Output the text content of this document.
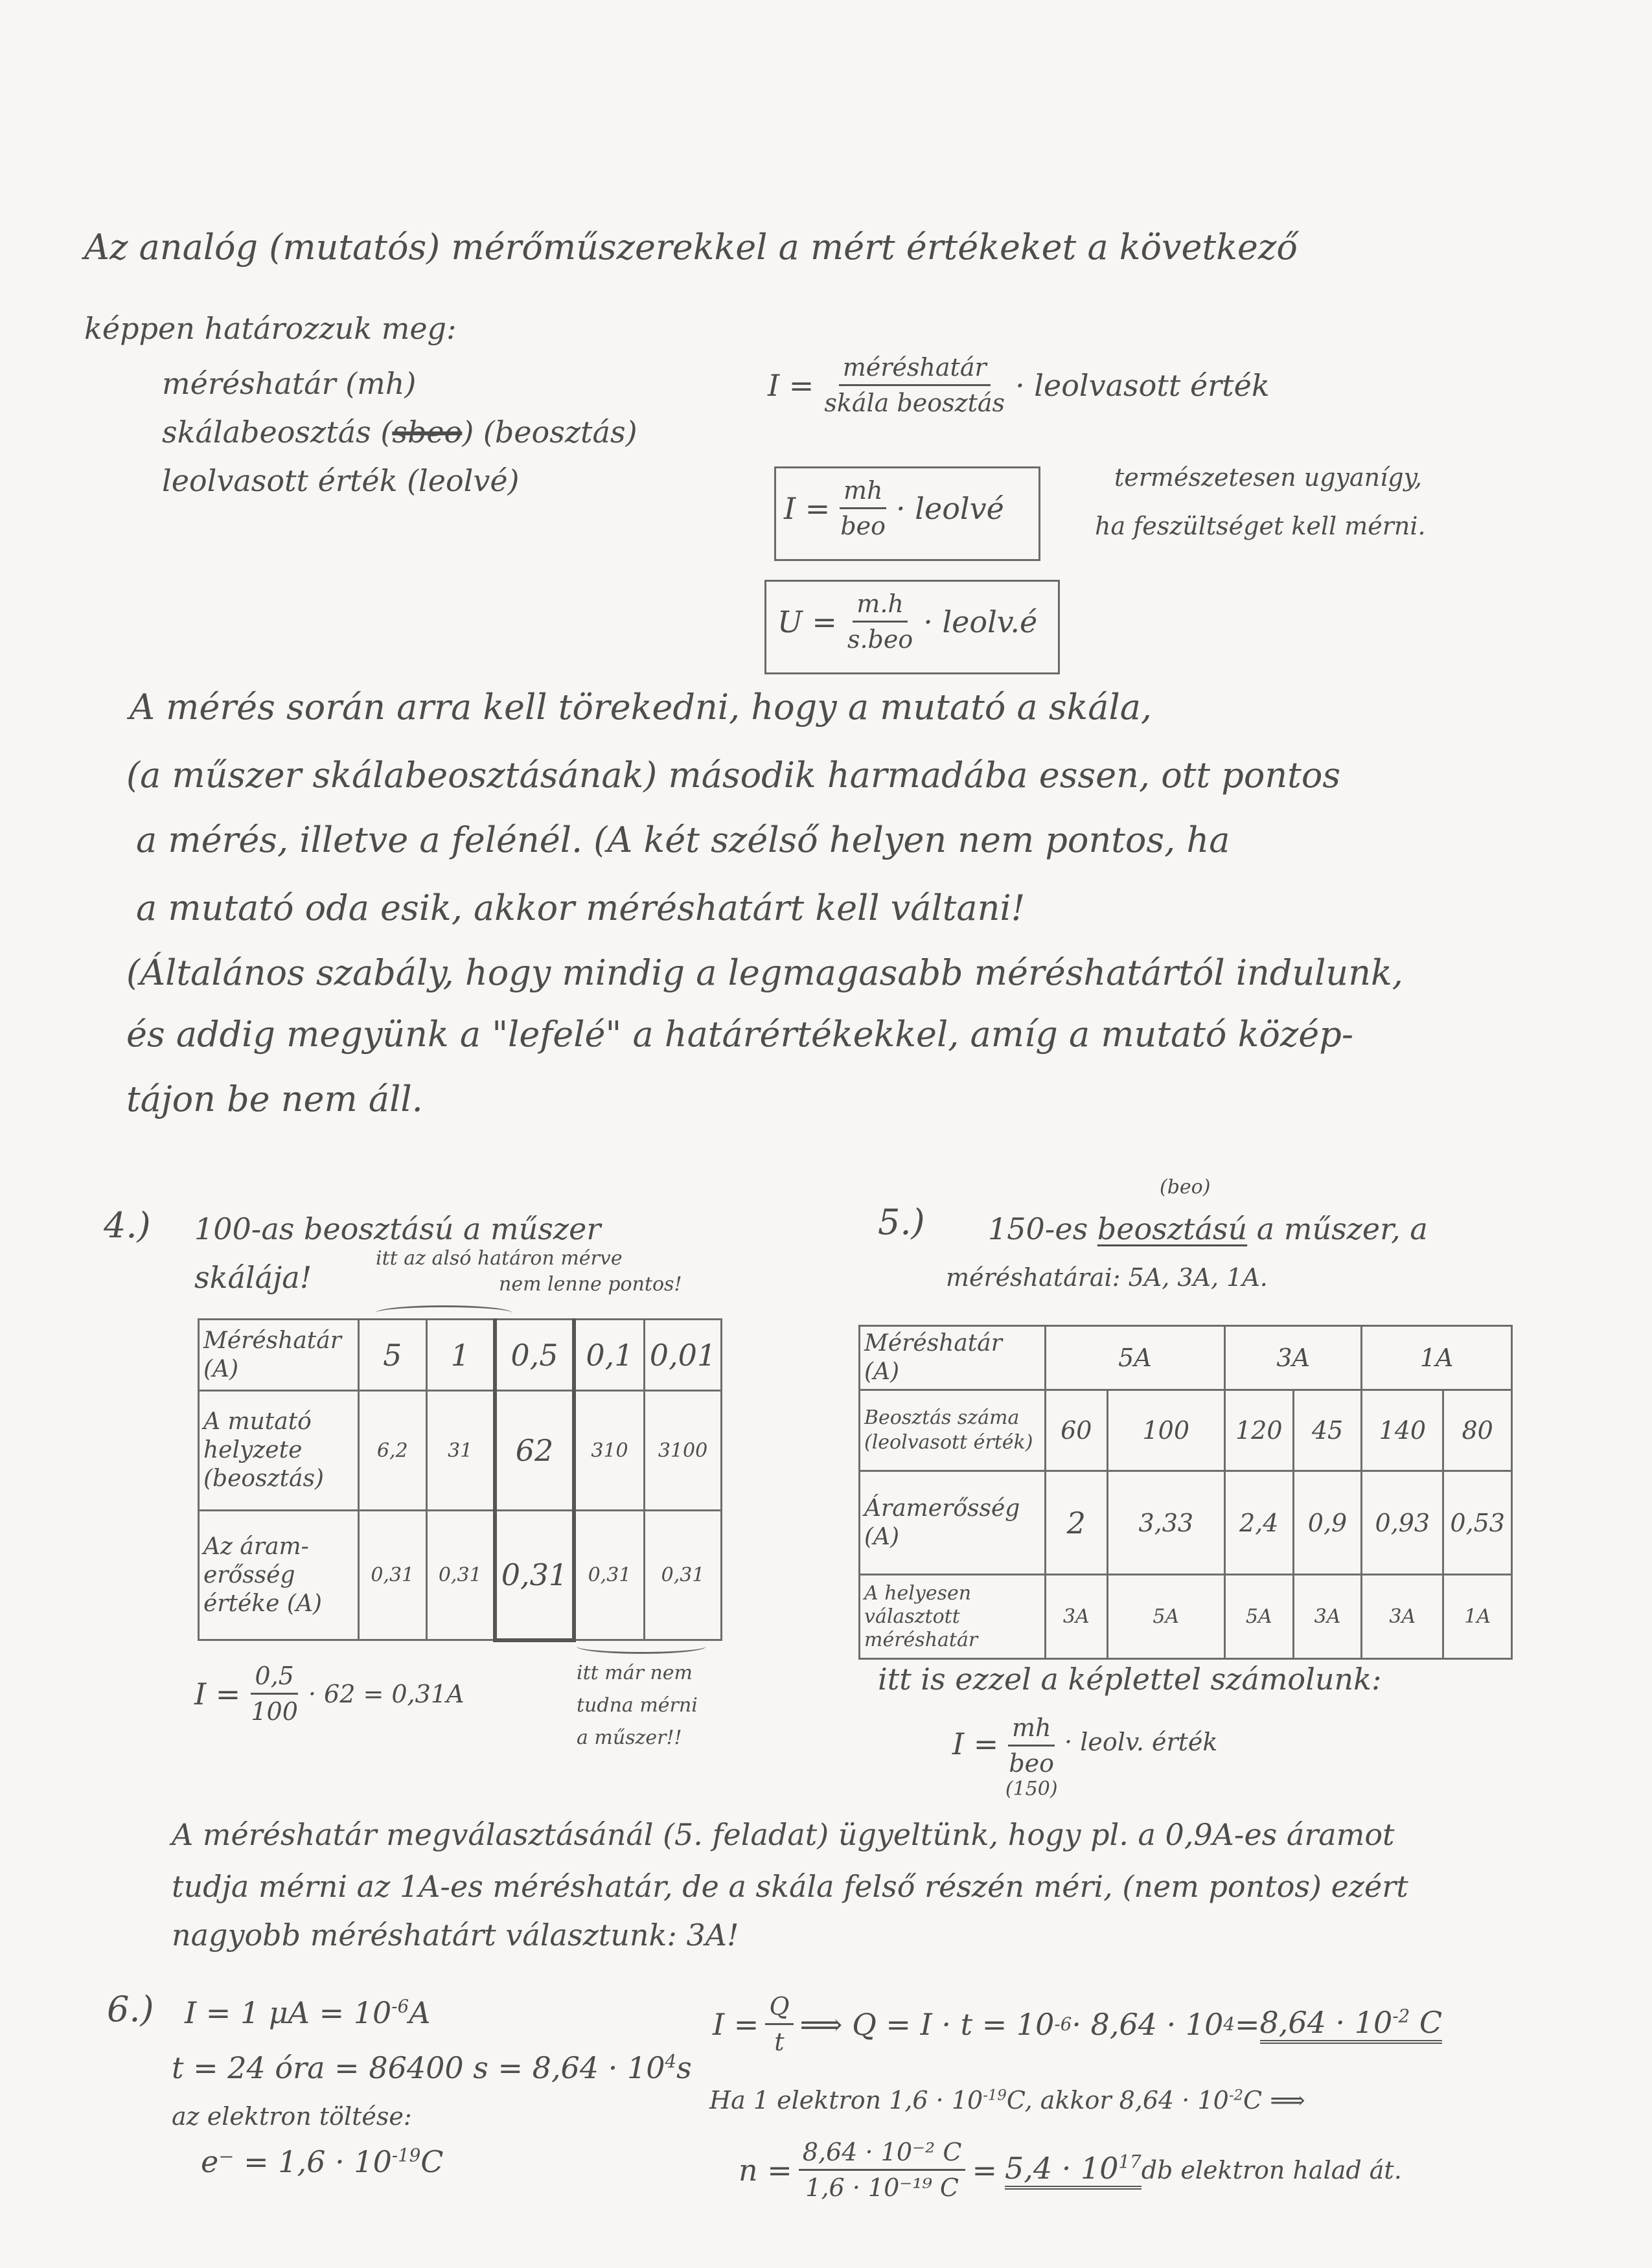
Az analóg (mutatós) mérőműszerekkel a mért értékeket a következő
képpen határozzuk meg:
méréshatár (mh)
skálabeosztás (sbeo) (beosztás)
leolvasott érték (leolvé)
$I = \frac{\text{méréshatár}}{\text{skála beosztás}}$ · leolvasott érték
$I = \frac{mh}{\text{beo}}$ · leolvé
$U = \frac{m.h}{\text{s.beo}}$ · leolv.é
természetesen ugyanígy,
ha feszültséget kell mérni.
A mérés során arra kell törekedni, hogy a mutató a skála,
(a műszer skálabeosztásának) második harmadába essen, ott pontos
a mérés, illetve a felénél. (A két szélső helyen nem pontos, ha
a mutató oda esik, akkor méréshatárt kell váltani!
(Általános szabály, hogy mindig a legmagasabb méréshatártól indulunk,
és addig megyünk a "lefelé" a határértékekkel, amíg a mutató közép-
tájon be nem áll.
4.) 100-as beosztású a műszer
skálája!
itt az alsó határon mérve
nem lenne pontos!
Méréshatár (A)	5	1	0,5	0,1	0,01
A mutató helyzete (beosztás)	6,2	31	62	310	3100
Az áram-erősség értéke (A)	0,31	0,31	0,31	0,31	0,31
$I = \frac{0,5}{100} \cdot 62 = 0,31A$
itt már nem
tudna mérni
a műszer!!
(beo)
5.) 150-es beosztású a műszer, a
méréshatárai: 5A, 3A, 1A.
Méréshatár (A)	5A		3A		1A	
Beosztás száma (leolvasott érték)	60	100	120	45	140	80
Áramerősség (A)	2	3,33	2,4	0,9	0,93	0,53
A helyesen választott méréshatár	3A	5A	5A	3A	3A	1A
itt is ezzel a képlettel számolunk:
I = mh
beo
(150)
· leolv. érték
A méréshatár megválasztásánál (5. feladat) ügyeltünk, hogy pl. a 0,9A-es áramot
tudja mérni az 1A-es méréshatár, de a skála felső részén méri, (nem pontos) ezért
nagyobb méréshatárt választunk: 3A!
6.) I = 1 $\mu A = 10^{-6}A$
t = 24 óra = 86400 $s = 8,64 \cdot 10^4s$
az elektron töltése:
$e^- = 1,6 \cdot 10^{-19}C$
$I = \frac{Q}{t}$ ⟹ Q = I · t = 10 -6 · 8,64 · 10 $4 = 8,64 \cdot 10^{-2}$ C
Ha 1 elektron $1,6 \cdot 10^{-19}C$, akkor $8,64 \cdot 10^{-2}C$ ⟹
$n = \frac{\text{8,64 · 10⁻² C}}{\text{1,6 · 10⁻¹⁹ C}} = 5,4 \cdot 10^{17}$ db elektron halad át.
